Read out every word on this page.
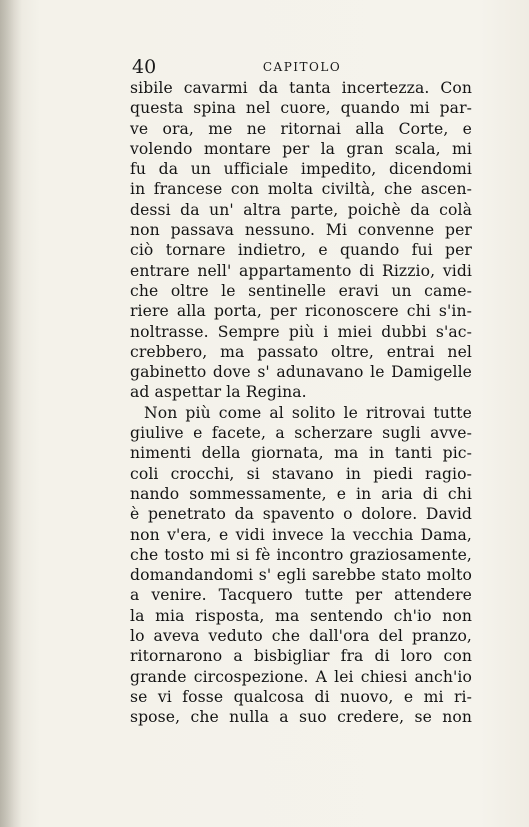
40	CAPITOLO
sibile cavarmi da tanta incertezza. Con
questa spina nel cuore, quando mi par-
ve ora, me ne ritornai alla Corte, e
volendo montare per la gran scala, mi
fu da un ufficiale impedito, dicendomi
in francese con molta civiltà, che ascen-
dessi da un' altra parte, poichè da colà
non passava nessuno. Mi convenne per
ciò tornare indietro, e quando fui per
entrare nell' appartamento di Rizzio, vidi
che oltre le sentinelle eravi un came-
riere alla porta, per riconoscere chi s'in-
noltrasse. Sempre più i miei dubbi s'ac-
crebbero, ma passato oltre, entrai nel
gabinetto dove s' adunavano le Damigelle
ad aspettar la Regina.
Non più come al solito le ritrovai tutte
giulive e facete, a scherzare sugli avve-
nimenti della giornata, ma in tanti pic-
coli crocchi, si stavano in piedi ragio-
nando sommessamente, e in aria di chi
è penetrato da spavento o dolore. David
non v'era, e vidi invece la vecchia Dama,
che tosto mi si fè incontro graziosamente,
domandandomi s' egli sarebbe stato molto
a venire. Tacquero tutte per attendere
la mia risposta, ma sentendo ch'io non
lo aveva veduto che dall'ora del pranzo,
ritornarono a bisbigliar fra di loro con
grande circospezione. A lei chiesi anch'io
se vi fosse qualcosa di nuovo, e mi ri-
spose, che nulla a suo credere, se non
